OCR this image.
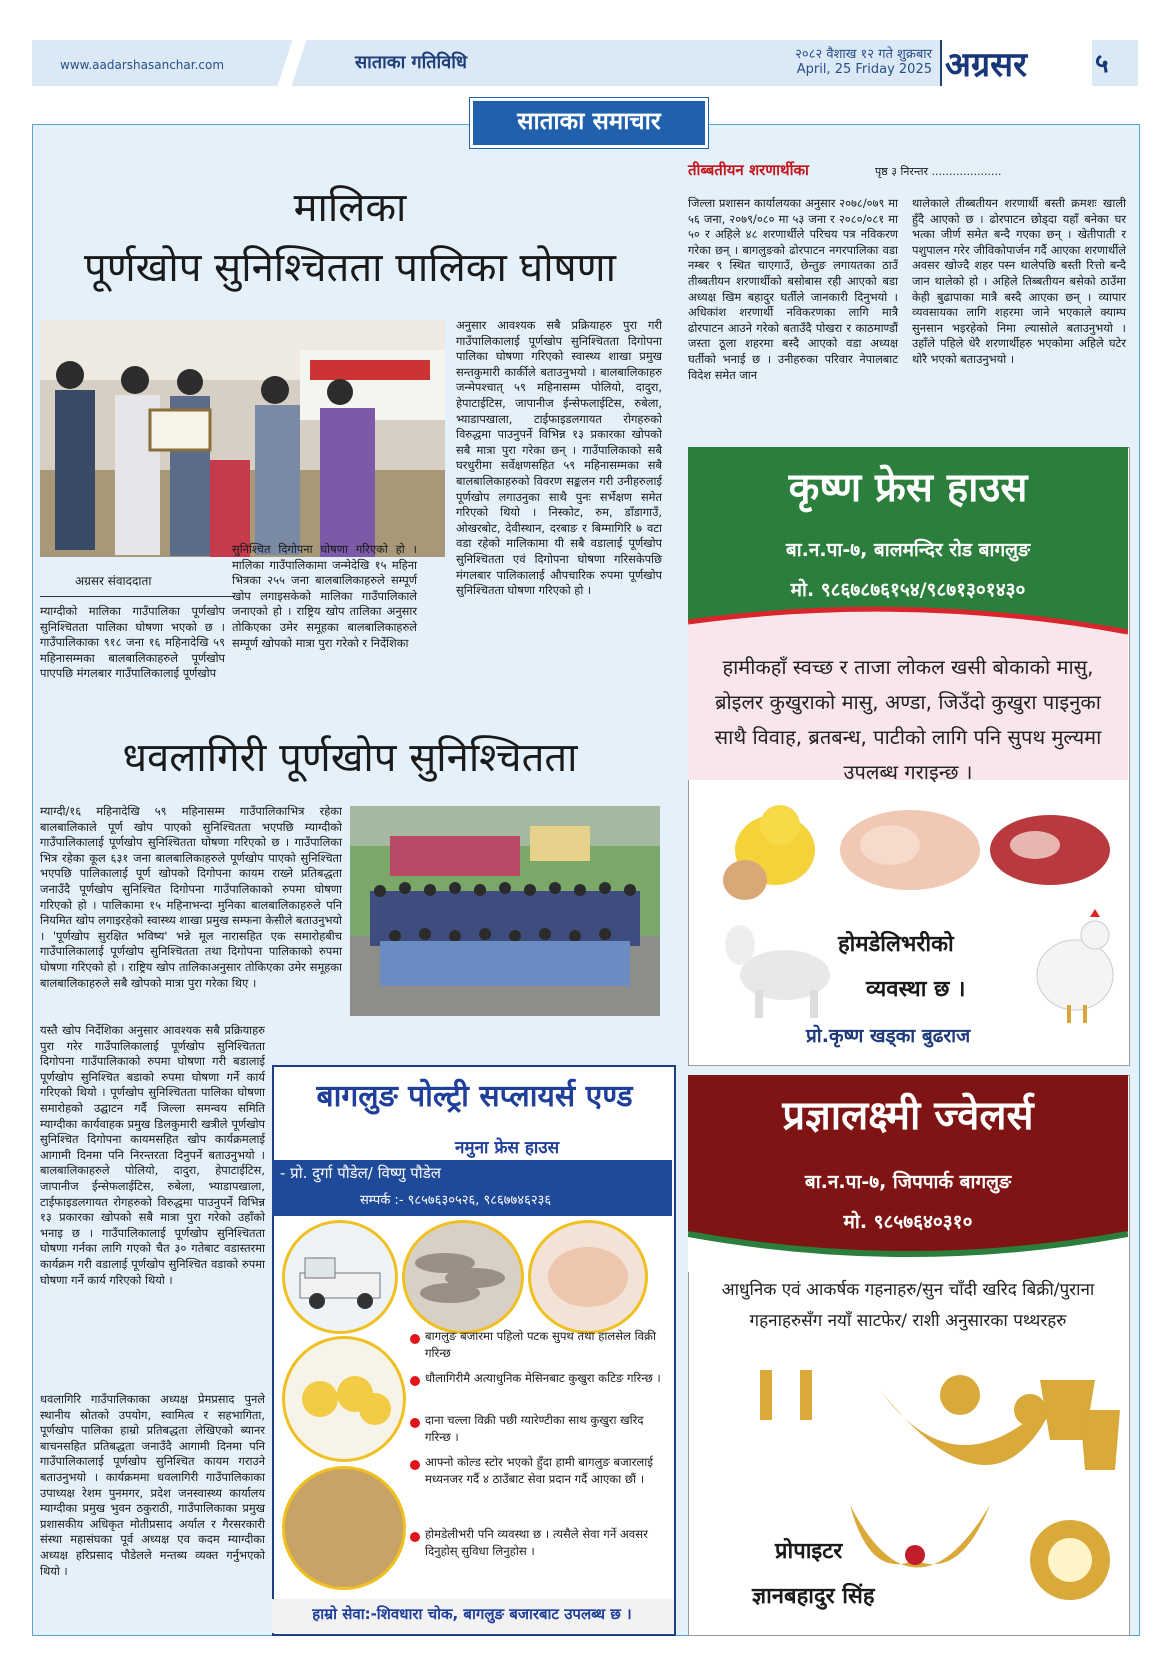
www.aadarshasanchar.com	साताका गतिविधि	२०८२ वैशाख १२ गते शुक्रबार
April, 25 Friday 2025 अग्रसर	५
साताका समाचार
मालिका
पूर्णखोप सुनिश्चितता पालिका घोषणा
अग्रसर संवाददाता

म्याग्दीको मालिका गाउँपालिका पूर्णखोप सुनिश्चितता पालिका घोषणा भएको छ । गाउँपालिकाका ९१८ जना १६ महिनादेखि ५९ महिनासम्मका बालबालिकाहरुले पूर्णखोप पाएपछि मंगलबार गाउँपालिकालाई पूर्णखोप

सुनिश्चित दिगोपना घोषणा गरिएको हो । मालिका गाउँपालिकामा जन्मेदेखि १५ महिना भित्रका २५५ जना बालबालिकाहरुले सम्पूर्ण खोप लगाइसकेको मालिका गाउँपालिकाले जनाएको हो । राष्ट्रिय खोप तालिका अनुसार तोकिएका उमेर समूहका बालबालिकाहरुले सम्पूर्ण खोपको मात्रा पुरा गरेको र निर्देशिका

अनुसार आवश्यक सबै प्रक्रियाहरु पुरा गरी गाउँपालिकालाई पूर्णखोप सुनिश्चितता दिगोपना पालिका घोषणा गरिएको स्वास्थ्य शाखा प्रमुख सन्तकुमारी कार्कीले बताउनुभयो । बालबालिकाहरु जन्मेपश्चात् ५९ महिनासम्म पोलियो, दादुरा, हेपाटाईटिस, जापानीज ईन्सेफलाईटिस, रुबेला, भ्याडापखाला, टाईफाइडलगायत रोगहरुको विरुद्धमा पाउनुपर्ने विभिन्न १३ प्रकारका खोपको सबै मात्रा पुरा गरेका छन् । गाउँपालिकाको सबै घरधुरीमा सर्वेक्षणसहित ५९ महिनासम्मका सबै बालबालिकाहरुको विवरण सङ्कलन गरी उनीहरुलाई पूर्णखोप लगाउनुका साथै पुनः सर्भेक्षण समेत गरिएको थियो । निस्कोट, रुम, डाँडागाउँ, ओखरबोट, देवीस्थान, दरबाङ र बिम्मागिरि ७ वटा वडा रहेको मालिकामा यी सबै वडालाई पूर्णखोप सुनिश्चितता एवं दिगोपना घोषणा गरिसकेपछि मंगलबार पालिकालाई औपचारिक रुपमा पूर्णखोप सुनिश्चितता घोषणा गरिएको हो ।

धवलागिरी पूर्णखोप सुनिश्चितता

म्याग्दी/१६ महिनादेखि ५९ महिनासम्म गाउँपालिकाभित्र रहेका बालबालिकाले पूर्ण खोप पाएको सुनिश्चितता भएपछि म्याग्दीको गाउँपालिकालाई पूर्णखोप सुनिश्चितता घोषणा गरिएको छ । गाउँपालिका भित्र रहेका कूल ६३१ जना बालबालिकाहरुले पूर्णखोप पाएको सुनिश्चिता भएपछि पालिकालाई पूर्ण खोपको दिगोपना कायम राख्ने प्रतिबद्धता जनाउँदै पूर्णखोप सुनिश्चित दिगोपना गाउँपालिकाको रुपमा घोषणा गरिएको हो । पालिकामा १५ महिनाभन्दा मुनिका बालबालिकाहरुले पनि नियमित खोप लगाइरहेको स्वास्थ्य शाखा प्रमुख सम्फना केसीले बताउनुभयो । 'पूर्णखोप सुरक्षित भविष्य' भन्ने मूल नारासहित एक समारोहबीच गाउँपालिकालाई पूर्णखोप सुनिश्चितता तथा दिगोपना पालिकाको रुपमा घोषणा गरिएको हो । राष्ट्रिय खोप तालिकाअनुसार तोकिएका उमेर समूहका बालबालिकाहरुले सबै खोपको मात्रा पुरा गरेका थिए ।

यस्तै खोप निर्देशिका अनुसार आवश्यक सबै प्रक्रियाहरु पुरा गरेर गाउँपालिकालाई पूर्णखोप सुनिश्चितता दिगोपना गाउँपालिकाको रुपमा घोषणा गरी बडालाई पूर्णखोप सुनिश्चित बडाको रुपमा घोषणा गर्ने कार्य गरिएको थियो । पूर्णखोप सुनिश्चितता पालिका घोषणा समारोहको उद्घाटन गर्दै जिल्ला समन्वय समिति म्याग्दीका कार्यवाहक प्रमुख डिलकुमारी खत्रीले पूर्णखोप सुनिश्चित दिगोपना कायमसहित खोप कार्यक्रमलाई आगामी दिनमा पनि निरन्तरता दिनुपर्ने बताउनुभयो । बालबालिकाहरुले पोलियो, दादुरा, हेपाटाईटिस, जापानीज ईन्सेफलाईटिस, रुबेला, भ्याडापखाला, टाईफाइडलगायत रोगहरुको विरुद्धमा पाउनुपर्ने विभिन्न १३ प्रकारका खोपको सबै मात्रा पुरा गरेको उहाँको भनाइ छ । गाउँपालिकालाई पूर्णखोप सुनिश्चितता घोषणा गर्नका लागि गएको चैत ३० गतेबाट वडास्तरमा कार्यक्रम गरी वडालाई पूर्णखोप सुनिश्चित वडाको रुपमा घोषणा गर्ने कार्य गरिएको थियो ।

धवलागिरि गाउँपालिकाका अध्यक्ष प्रेमप्रसाद पुनले स्थानीय स्रोतको उपयोग, स्वामित्व र सहभागिता, पूर्णखोप पालिका हाम्रो प्रतिबद्धता लेखिएको ब्यानर बाचनसहित प्रतिबद्धता जनाउँदै आगामी दिनमा पनि गाउँपालिकालाई पूर्णखोप सुनिश्चित कायम गराउने बताउनुभयो । कार्यक्रममा धवलागिरी गाउँपालिकाका उपाध्यक्ष रेशम पुनमगर, प्रदेश जनस्वास्थ्य कार्यालय म्याग्दीका प्रमुख भुवन ठकुराठी, गाउँपालिकाका प्रमुख प्रशासकीय अधिकृत मोतीप्रसाद अर्याल र गैरसरकारी संस्था महासंघका पूर्व अध्यक्ष एव कदम म्याग्दीका अध्यक्ष हरिप्रसाद पौडेलले मन्तब्य व्यक्त गर्नुभएको थियो ।

तीब्बतीयन शरणार्थीका	पृष्ठ ३ निरन्तर ....................

जिल्ला प्रशासन कार्यालयका अनुसार २०७८/०७९ मा ५६ जना, २०७९/०८० मा ५३ जना र २०८०/०८१ मा ५० र अहिले ४८ शरणार्थीले परिचय पत्र नविकरण गरेका छन् । बागलुङको ढोरपाटन नगरपालिका वडा नम्बर ९ स्थित चाएगाउँ, छेन्तुङ लगायतका ठाउँ तीब्बतीयन शरणार्थीको बसोबास रही आएको बडा अध्यक्ष खिम बहादुर घर्तीले जानकारी दिनुभयो । अधिकांश शरणार्थी नविकरणका लागि मात्रै ढोरपाटन आउने गरेको बताउँदै पोखरा र काठमाण्डौं जस्ता ठूला शहरमा बस्दै आएको वडा अध्यक्ष घर्तीको भनाई छ । उनीहरुका परिवार नेपालबाट विदेश समेत जान

थालेकाले तीब्बतीयन शरणार्थी बस्ती क्रमशः खाली हुँदै आएको छ । ढोरपाटन छोड्दा यहाँ बनेका घर भत्का जीर्ण समेत बन्दै गएका छन् । खेतीपाती र पशुपालन गरेर जीविकोपार्जन गर्दै आएका शरणार्थीले अवसर खोज्दै शहर पस्न थालेपछि बस्ती रित्तो बन्दै जान थालेको हो । अहिले तिब्बतीयन बसेको ठाउँमा केही बुढापाका मात्रै बस्दै आएका छन् । व्यापार व्यवसायका लागि शहरमा जाने भएकाले क्याम्प सुनसान भइरहेको निमा ल्यासोले बताउनुभयो । उहाँले पहिले धेरै शरणार्थीहरु भएकोमा अहिले घटेर थोरै भएको बताउनुभयो ।

कृष्ण फ्रेस हाउस
बा.न.पा-७, बालमन्दिर रोड बागलुङ
मो. ९८६७८७६१५४/९८७१३०१४३०
हामीकहाँ स्वच्छ र ताजा लोकल खसी बोकाको मासु, ब्रोइलर कुखुराको मासु, अण्डा, जिउँदो कुखुरा पाइनुका साथै विवाह, ब्रतबन्ध, पाटीको लागि पनि सुपथ मुल्यमा उपलब्ध गराइन्छ ।
होमडेलिभरीको
व्यवस्था छ ।
प्रो.कृष्ण खड्का बुढराज
प्रज्ञालक्ष्मी ज्वेलर्स
बा.न.पा-७, जिपपार्क बागलुङ
मो. ९८५७६४०३१०
आधुनिक एवं आकर्षक गहनाहरु/सुन चाँदी खरिद बिक्री/पुराना गहनाहरुसँग नयाँ साटफेर/ राशी अनुसारका पथ्थरहरु
प्रोपाइटर
ज्ञानबहादुर सिंह
बागलुङ पोल्ट्री सप्लायर्स एण्ड
नमुना फ्रेस हाउस
- प्रो. दुर्गा पौडेल/ विष्णु पौडेल
सम्पर्क :- ९८५७६३०५२६, ९८६७७४६२३६
बागलुङ बजारमा पहिलो पटक सुपथ तथा हालसेल विक्री गरिन्छ
धौलागिरीमै अत्याधुनिक मेसिनबाट कुखुरा कटिङ गरिन्छ ।
दाना चल्ला विक्री पछी ग्यारेण्टीका साथ कुखुरा खरिद गरिन्छ ।
आफ्नो कोल्ड स्टोर भएको हुँदा हामी बागलुङ बजारलाई मध्यनजर गर्दै ४ ठाउँबाट सेवा प्रदान गर्दै आएका छौं ।
होमडेलीभरी पनि व्यवस्था छ । त्यसैले सेवा गर्ने अवसर दिनुहोस् सुविधा लिनुहोस ।
हाम्रो सेवा:-शिवधारा चोक, बागलुङ बजारबाट उपलब्ध छ ।
